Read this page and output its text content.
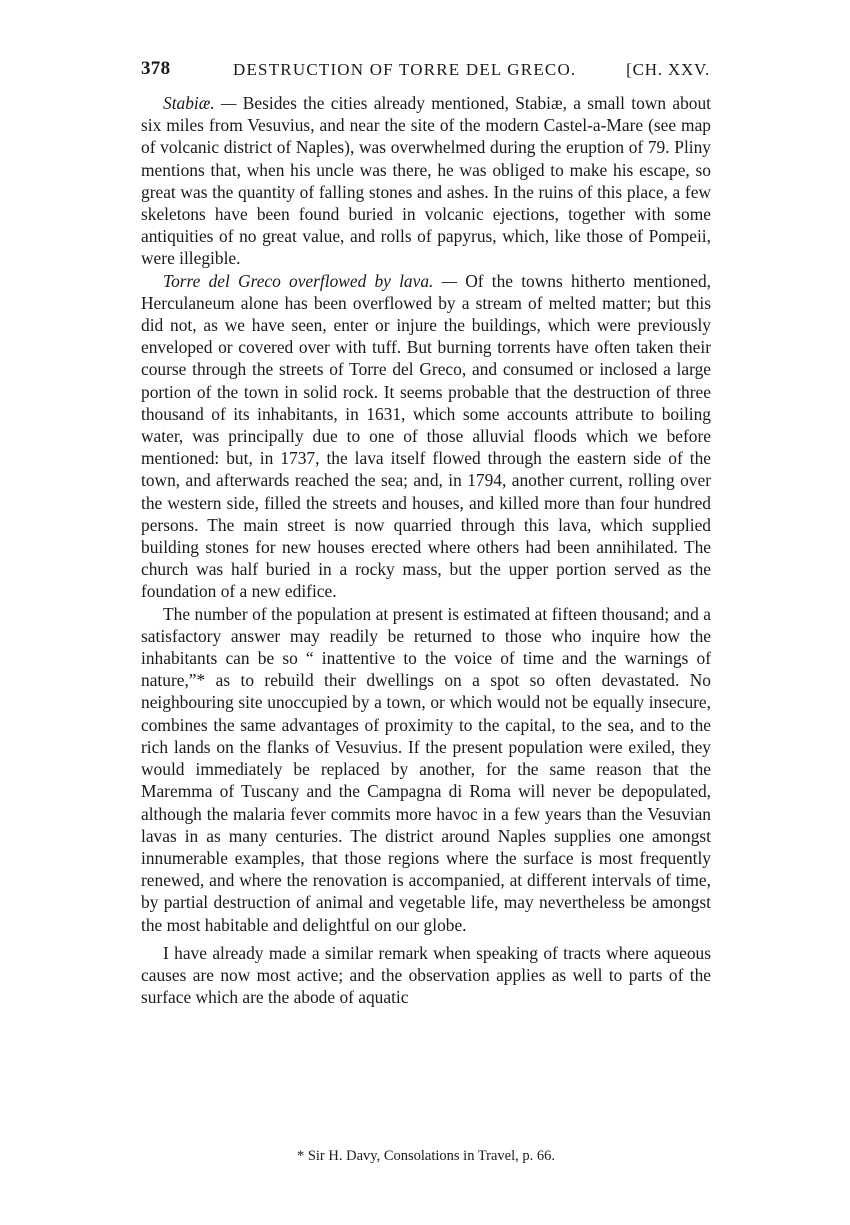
378	DESTRUCTION OF TORRE DEL GRECO.	[CH. XXV.

Stabiæ. — Besides the cities already mentioned, Stabiæ, a small town about six miles from Vesuvius, and near the site of the modern Castel-a-Mare (see map of volcanic district of Naples), was overwhelmed during the eruption of 79. Pliny mentions that, when his uncle was there, he was obliged to make his escape, so great was the quantity of falling stones and ashes. In the ruins of this place, a few skeletons have been found buried in volcanic ejections, together with some antiquities of no great value, and rolls of papyrus, which, like those of Pompeii, were illegible.

Torre del Greco overflowed by lava. — Of the towns hitherto mentioned, Herculaneum alone has been overflowed by a stream of melted matter; but this did not, as we have seen, enter or injure the buildings, which were previously enveloped or covered over with tuff. But burning torrents have often taken their course through the streets of Torre del Greco, and consumed or inclosed a large portion of the town in solid rock. It seems probable that the destruction of three thousand of its inhabitants, in 1631, which some accounts attribute to boiling water, was principally due to one of those alluvial floods which we before mentioned: but, in 1737, the lava itself flowed through the eastern side of the town, and afterwards reached the sea; and, in 1794, another current, rolling over the western side, filled the streets and houses, and killed more than four hundred persons. The main street is now quarried through this lava, which supplied building stones for new houses erected where others had been annihilated. The church was half buried in a rocky mass, but the upper portion served as the foundation of a new edifice.

The number of the population at present is estimated at fifteen thousand; and a satisfactory answer may readily be returned to those who inquire how the inhabitants can be so “ inattentive to the voice of time and the warnings of nature,”* as to rebuild their dwellings on a spot so often devastated. No neighbouring site unoccupied by a town, or which would not be equally insecure, combines the same advantages of proximity to the capital, to the sea, and to the rich lands on the flanks of Vesuvius. If the present population were exiled, they would immediately be replaced by another, for the same reason that the Maremma of Tuscany and the Campagna di Roma will never be depopulated, although the malaria fever commits more havoc in a few years than the Vesuvian lavas in as many centuries. The district around Naples supplies one amongst innumerable examples, that those regions where the surface is most frequently renewed, and where the renovation is accompanied, at different intervals of time, by partial destruction of animal and vegetable life, may nevertheless be amongst the most habitable and delightful on our globe.

I have already made a similar remark when speaking of tracts where aqueous causes are now most active; and the observation applies as well to parts of the surface which are the abode of aquatic

* Sir H. Davy, Consolations in Travel, p. 66.
